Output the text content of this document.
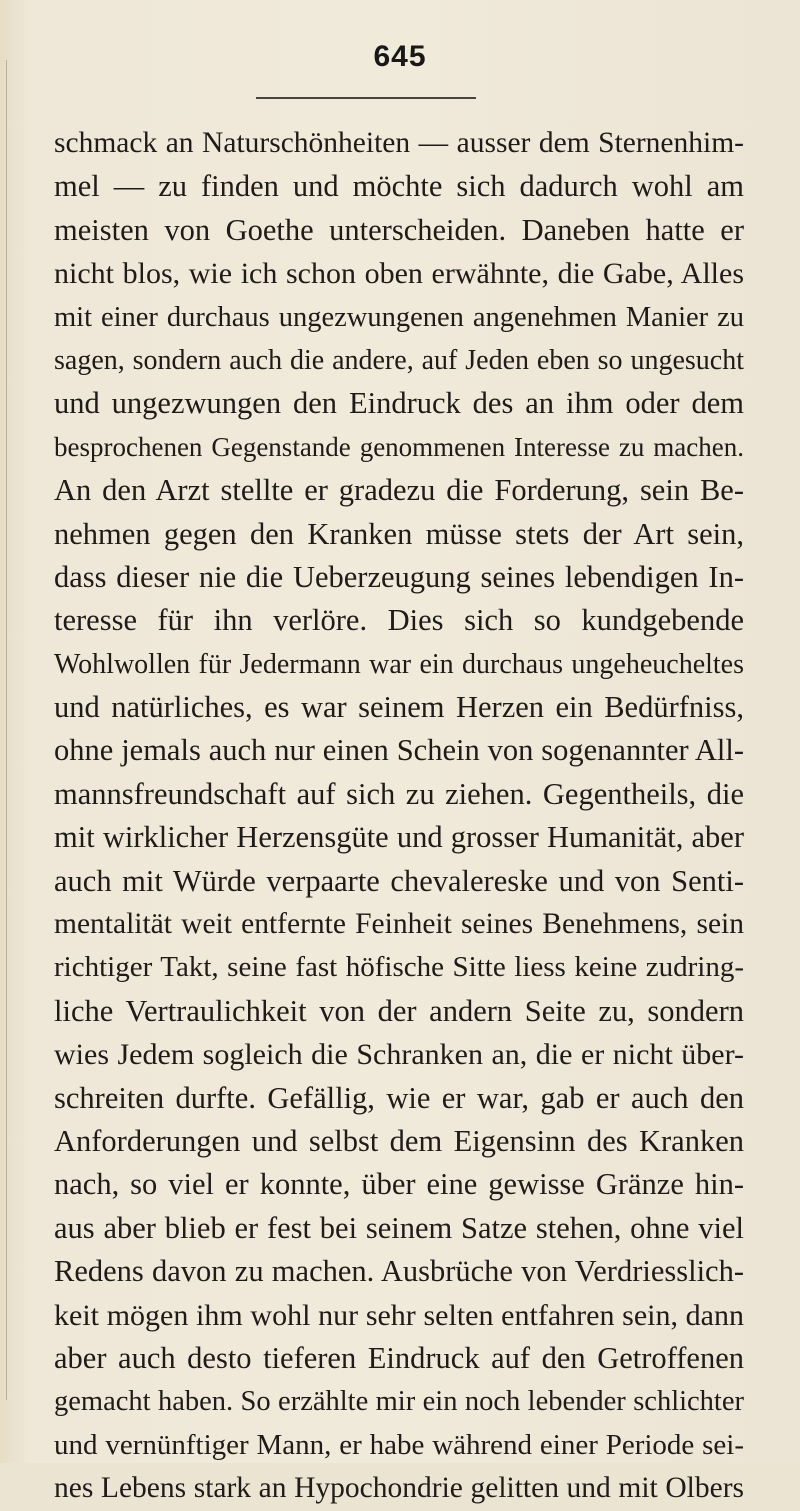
645
schmack an Naturschönheiten — ausser dem Sternenhim-
mel — zu finden und möchte sich dadurch wohl am
meisten von Goethe unterscheiden. Daneben hatte er
nicht blos, wie ich schon oben erwähnte, die Gabe, Alles
mit einer durchaus ungezwungenen angenehmen Manier zu
sagen, sondern auch die andere, auf Jeden eben so ungesucht
und ungezwungen den Eindruck des an ihm oder dem
besprochenen Gegenstande genommenen Interesse zu machen.
An den Arzt stellte er gradezu die Forderung, sein Be-
nehmen gegen den Kranken müsse stets der Art sein,
dass dieser nie die Ueberzeugung seines lebendigen In-
teresse für ihn verlöre. Dies sich so kundgebende
Wohlwollen für Jedermann war ein durchaus ungeheucheltes
und natürliches, es war seinem Herzen ein Bedürfniss,
ohne jemals auch nur einen Schein von sogenannter All-
mannsfreundschaft auf sich zu ziehen. Gegentheils, die
mit wirklicher Herzensgüte und grosser Humanität, aber
auch mit Würde verpaarte chevalereske und von Senti-
mentalität weit entfernte Feinheit seines Benehmens, sein
richtiger Takt, seine fast höfische Sitte liess keine zudring-
liche Vertraulichkeit von der andern Seite zu, sondern
wies Jedem sogleich die Schranken an, die er nicht über-
schreiten durfte. Gefällig, wie er war, gab er auch den
Anforderungen und selbst dem Eigensinn des Kranken
nach, so viel er konnte, über eine gewisse Gränze hin-
aus aber blieb er fest bei seinem Satze stehen, ohne viel
Redens davon zu machen. Ausbrüche von Verdriesslich-
keit mögen ihm wohl nur sehr selten entfahren sein, dann
aber auch desto tieferen Eindruck auf den Getroffenen
gemacht haben. So erzählte mir ein noch lebender schlichter
und vernünftiger Mann, er habe während einer Periode sei-
nes Lebens stark an Hypochondrie gelitten und mit Olbers
